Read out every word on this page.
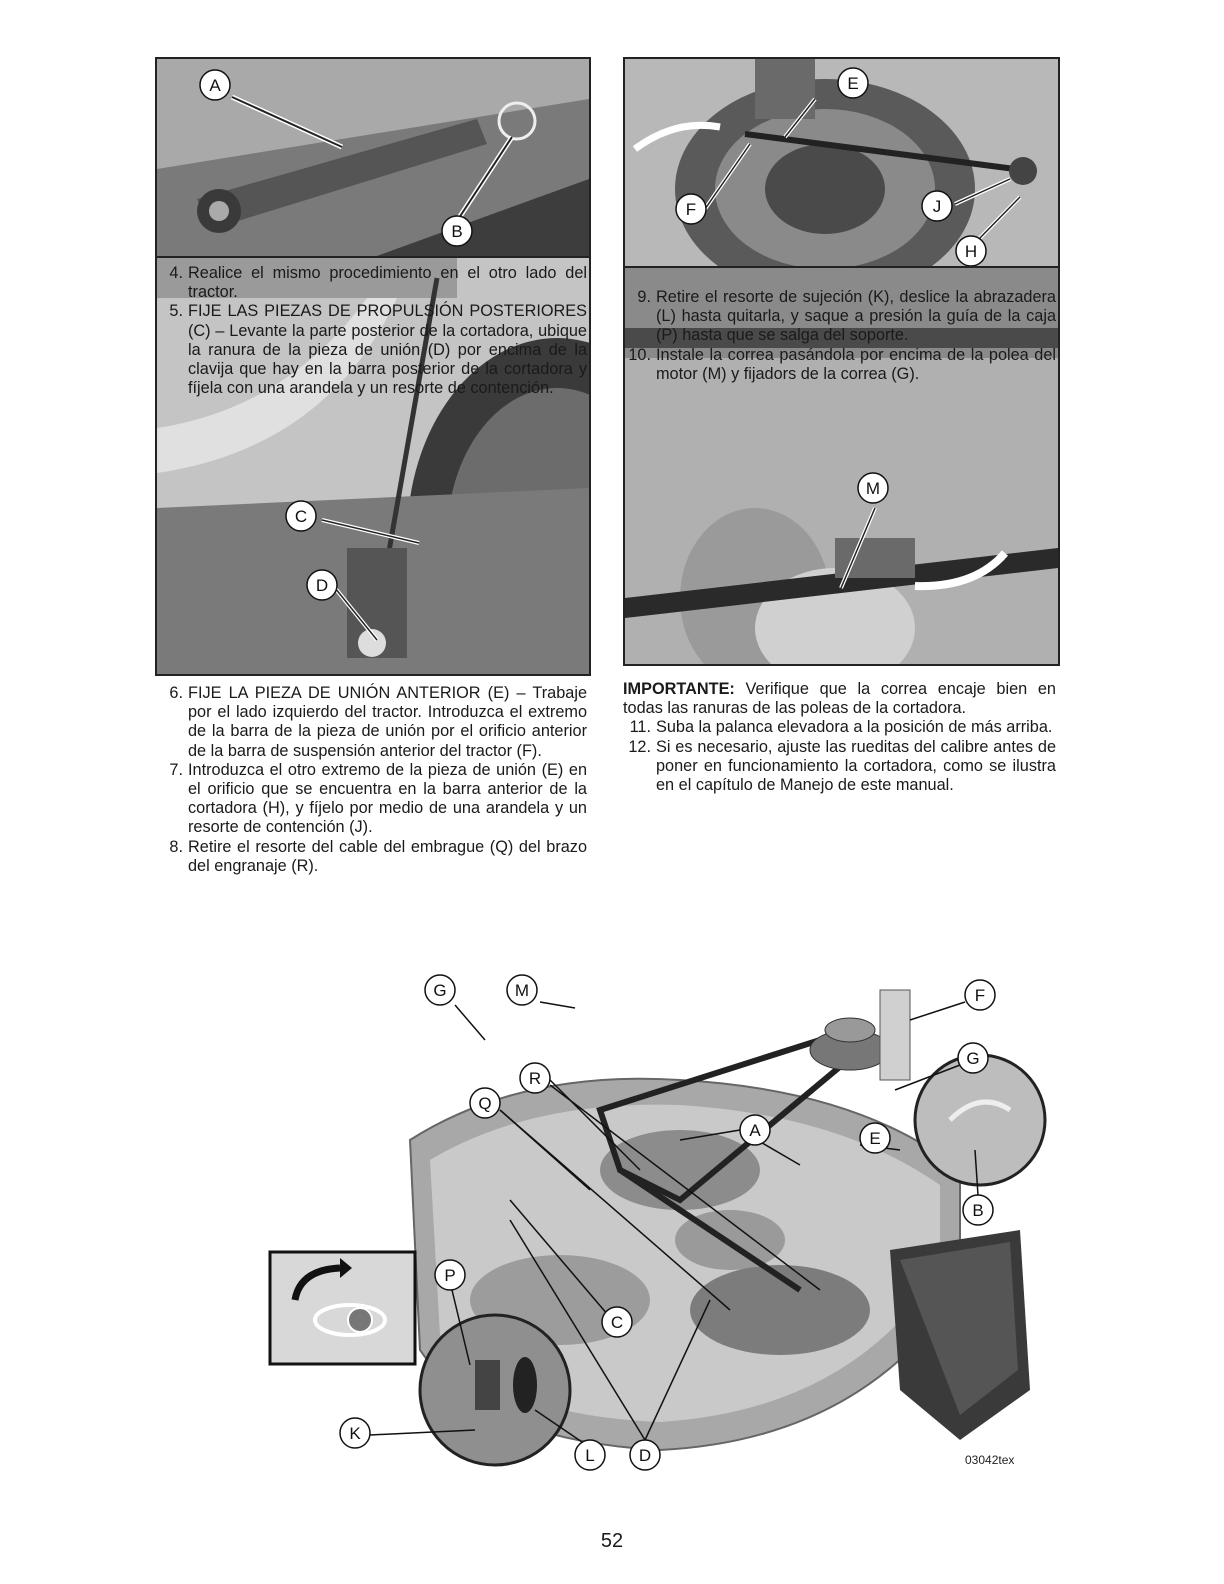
A
B
E
F	J
H
C
D
M
4. Realice el mismo procedimiento en el otro lado del tractor.
5. FIJE LAS PIEZAS DE PROPULSIÓN POSTERIORES (C) – Levante la parte posterior de la cortadora, ubique la ranura de la pieza de unión (D) por encima de la clavija que hay en la barra posterior de la cortadora y fíjela con una arandela y un resorte de contención.
9. Retire el resorte de sujeción (K), deslice la abrazadera (L) hasta quitarla, y saque a presión la guía de la caja (P) hasta que se salga del soporte.
10. Instale la correa pasándola por encima de la polea del motor (M) y fijadors de la correa (G).
6. FIJE LA PIEZA DE UNIÓN ANTERIOR (E) – Trabaje por el lado izquierdo del tractor. Introduzca el extremo de la barra de la pieza de unión por el orificio anterior de la barra de suspensión anterior del tractor (F).
7. Introduzca el otro extremo de la pieza de unión (E) en el orificio que se encuentra en la barra anterior de la cortadora (H), y fíjelo por medio de una arandela y un resorte de contención (J).
8. Retire el resorte del cable del embrague (Q) del brazo del engranaje (R).
IMPORTANTE: Verifique que la correa encaje bien en todas las ranuras de las poleas de la cortadora.
11. Suba la palanca elevadora a la posición de más arriba.
12. Si es necesario, ajuste las rueditas del calibre antes de poner en funcionamiento la cortadora, como se ilustra en el capítulo de Manejo de este manual.
G	M	F
G
R
Q
A	E
B
P
C
K
L	D	03042tex
52
